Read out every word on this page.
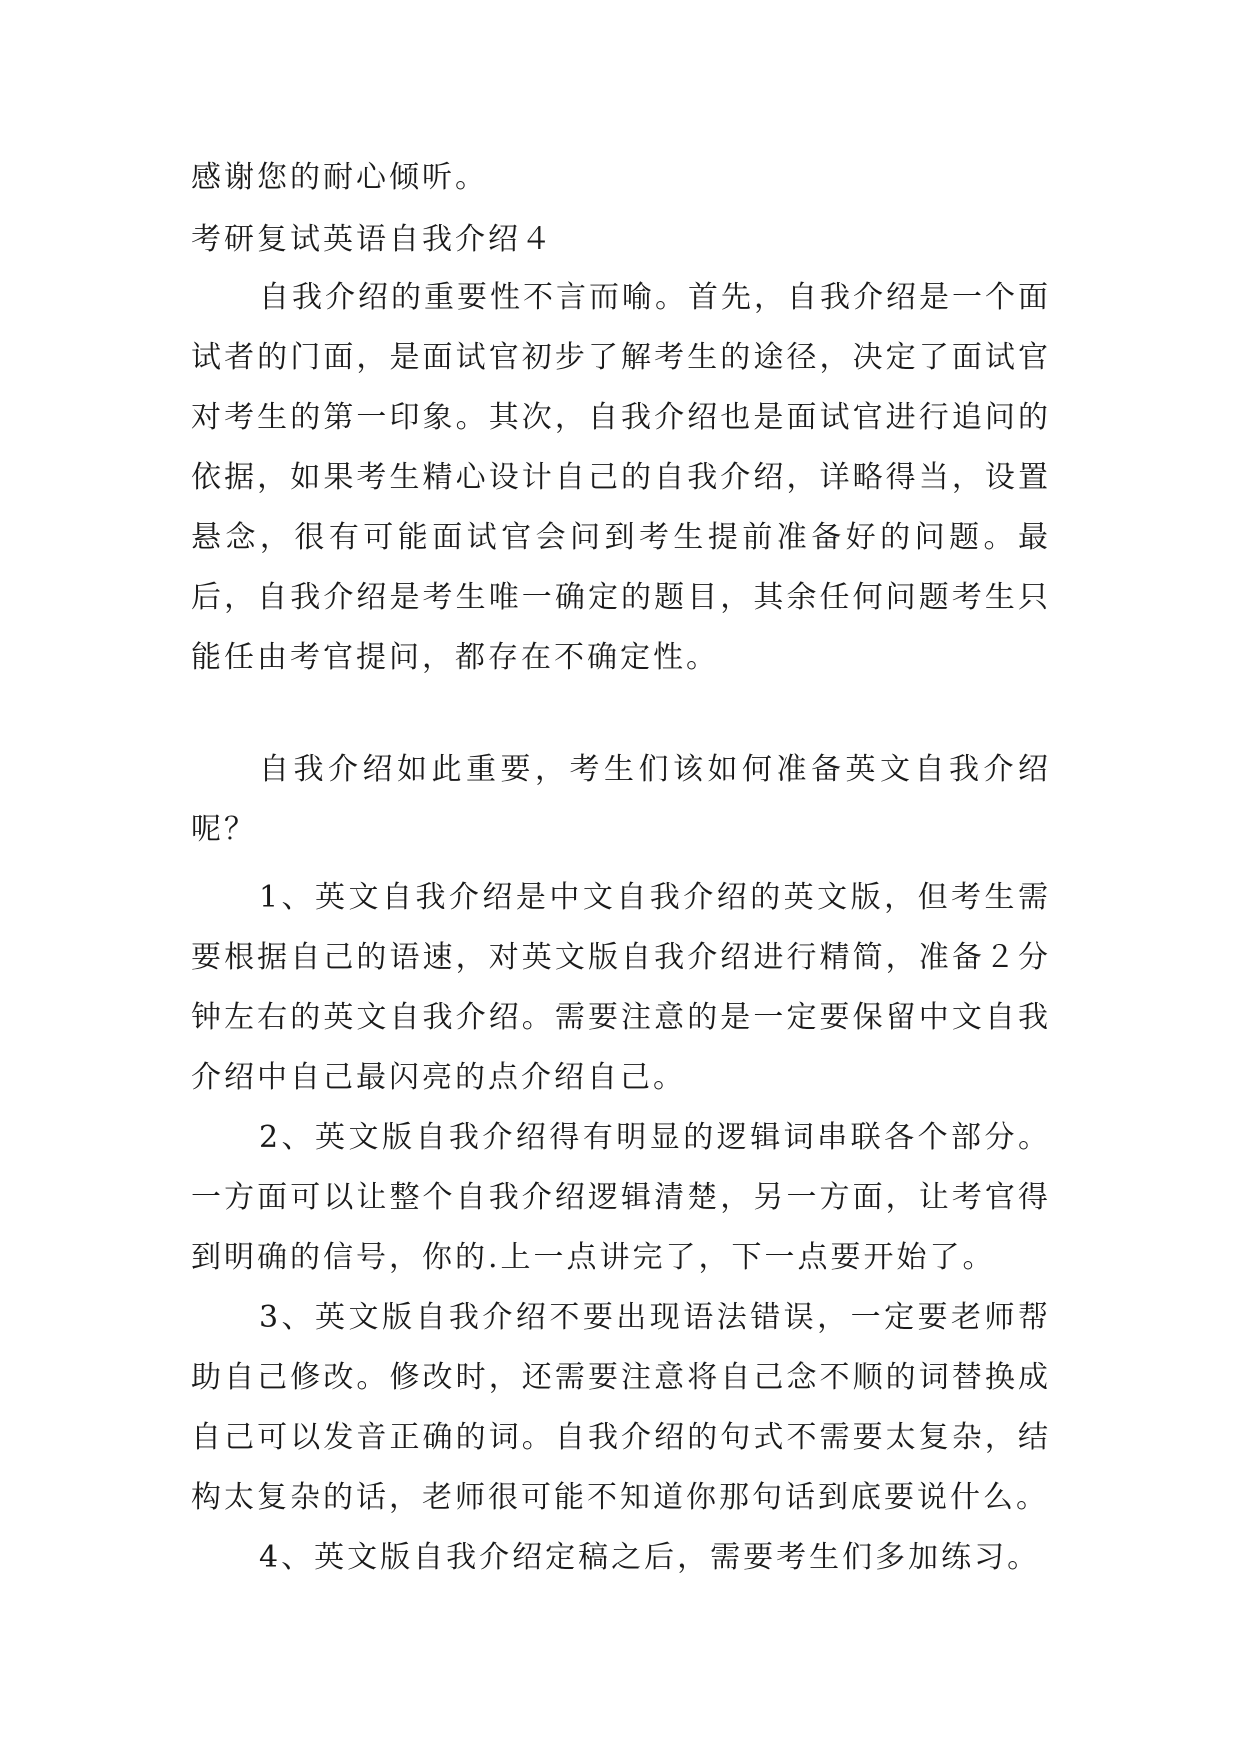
感谢您的耐心倾听。

考研复试英语自我介绍４

自我介绍的重要性不言而喻。首先，自我介绍是一个面试者的门面，是面试官初步了解考生的途径，决定了面试官对考生的第一印象。其次，自我介绍也是面试官进行追问的依据，如果考生精心设计自己的自我介绍，详略得当，设置悬念，很有可能面试官会问到考生提前准备好的问题。最后，自我介绍是考生唯一确定的题目，其余任何问题考生只能任由考官提问，都存在不确定性。

自我介绍如此重要，考生们该如何准备英文自我介绍呢？

1、英文自我介绍是中文自我介绍的英文版，但考生需要根据自己的语速，对英文版自我介绍进行精简，准备２分钟左右的英文自我介绍。需要注意的是一定要保留中文自我介绍中自己最闪亮的点介绍自己。

2、英文版自我介绍得有明显的逻辑词串联各个部分。一方面可以让整个自我介绍逻辑清楚，另一方面，让考官得到明确的信号，你的.上一点讲完了，下一点要开始了。

3、英文版自我介绍不要出现语法错误，一定要老师帮助自己修改。修改时，还需要注意将自己念不顺的词替换成自己可以发音正确的词。自我介绍的句式不需要太复杂，结构太复杂的话，老师很可能不知道你那句话到底要说什么。

4、英文版自我介绍定稿之后，需要考生们多加练习。
